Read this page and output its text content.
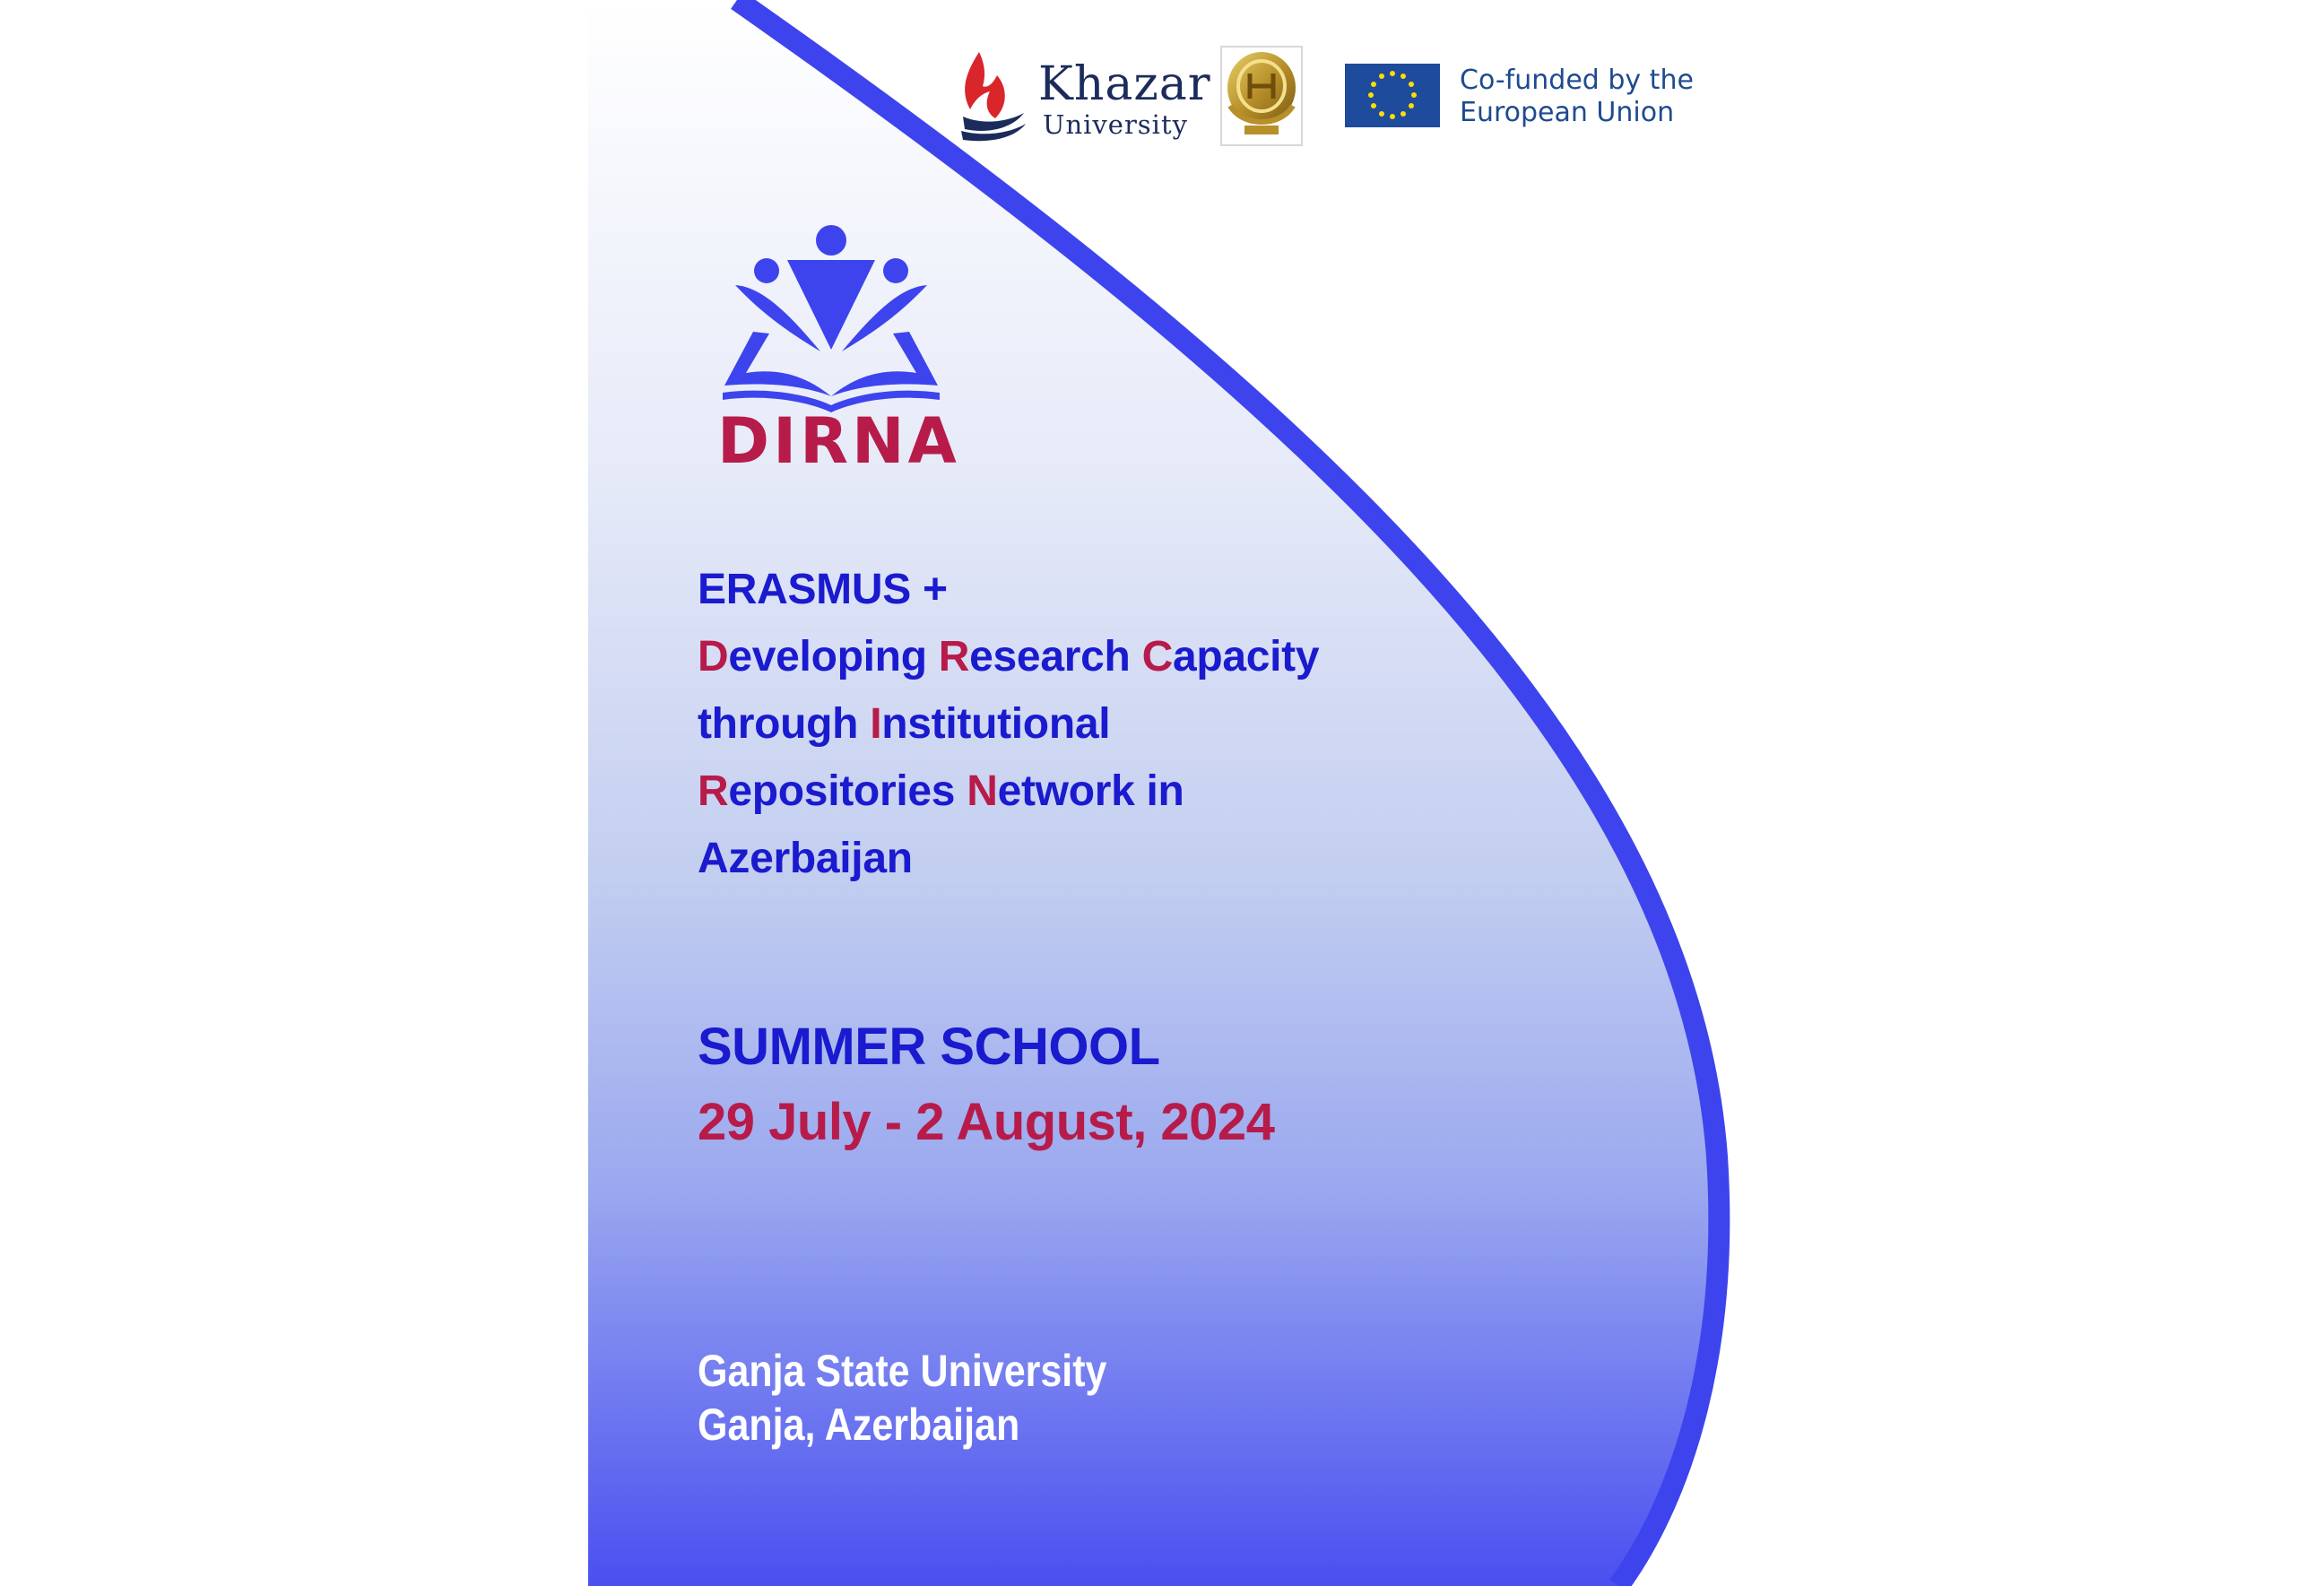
DIRNA
Khazar
University
Co-funded by the
European Union
ERASMUS +
Developing Research Capacity
through Institutional
Repositories Network in
Azerbaijan
SUMMER SCHOOL
29 July - 2 August, 2024
Ganja State University
Ganja, Azerbaijan
